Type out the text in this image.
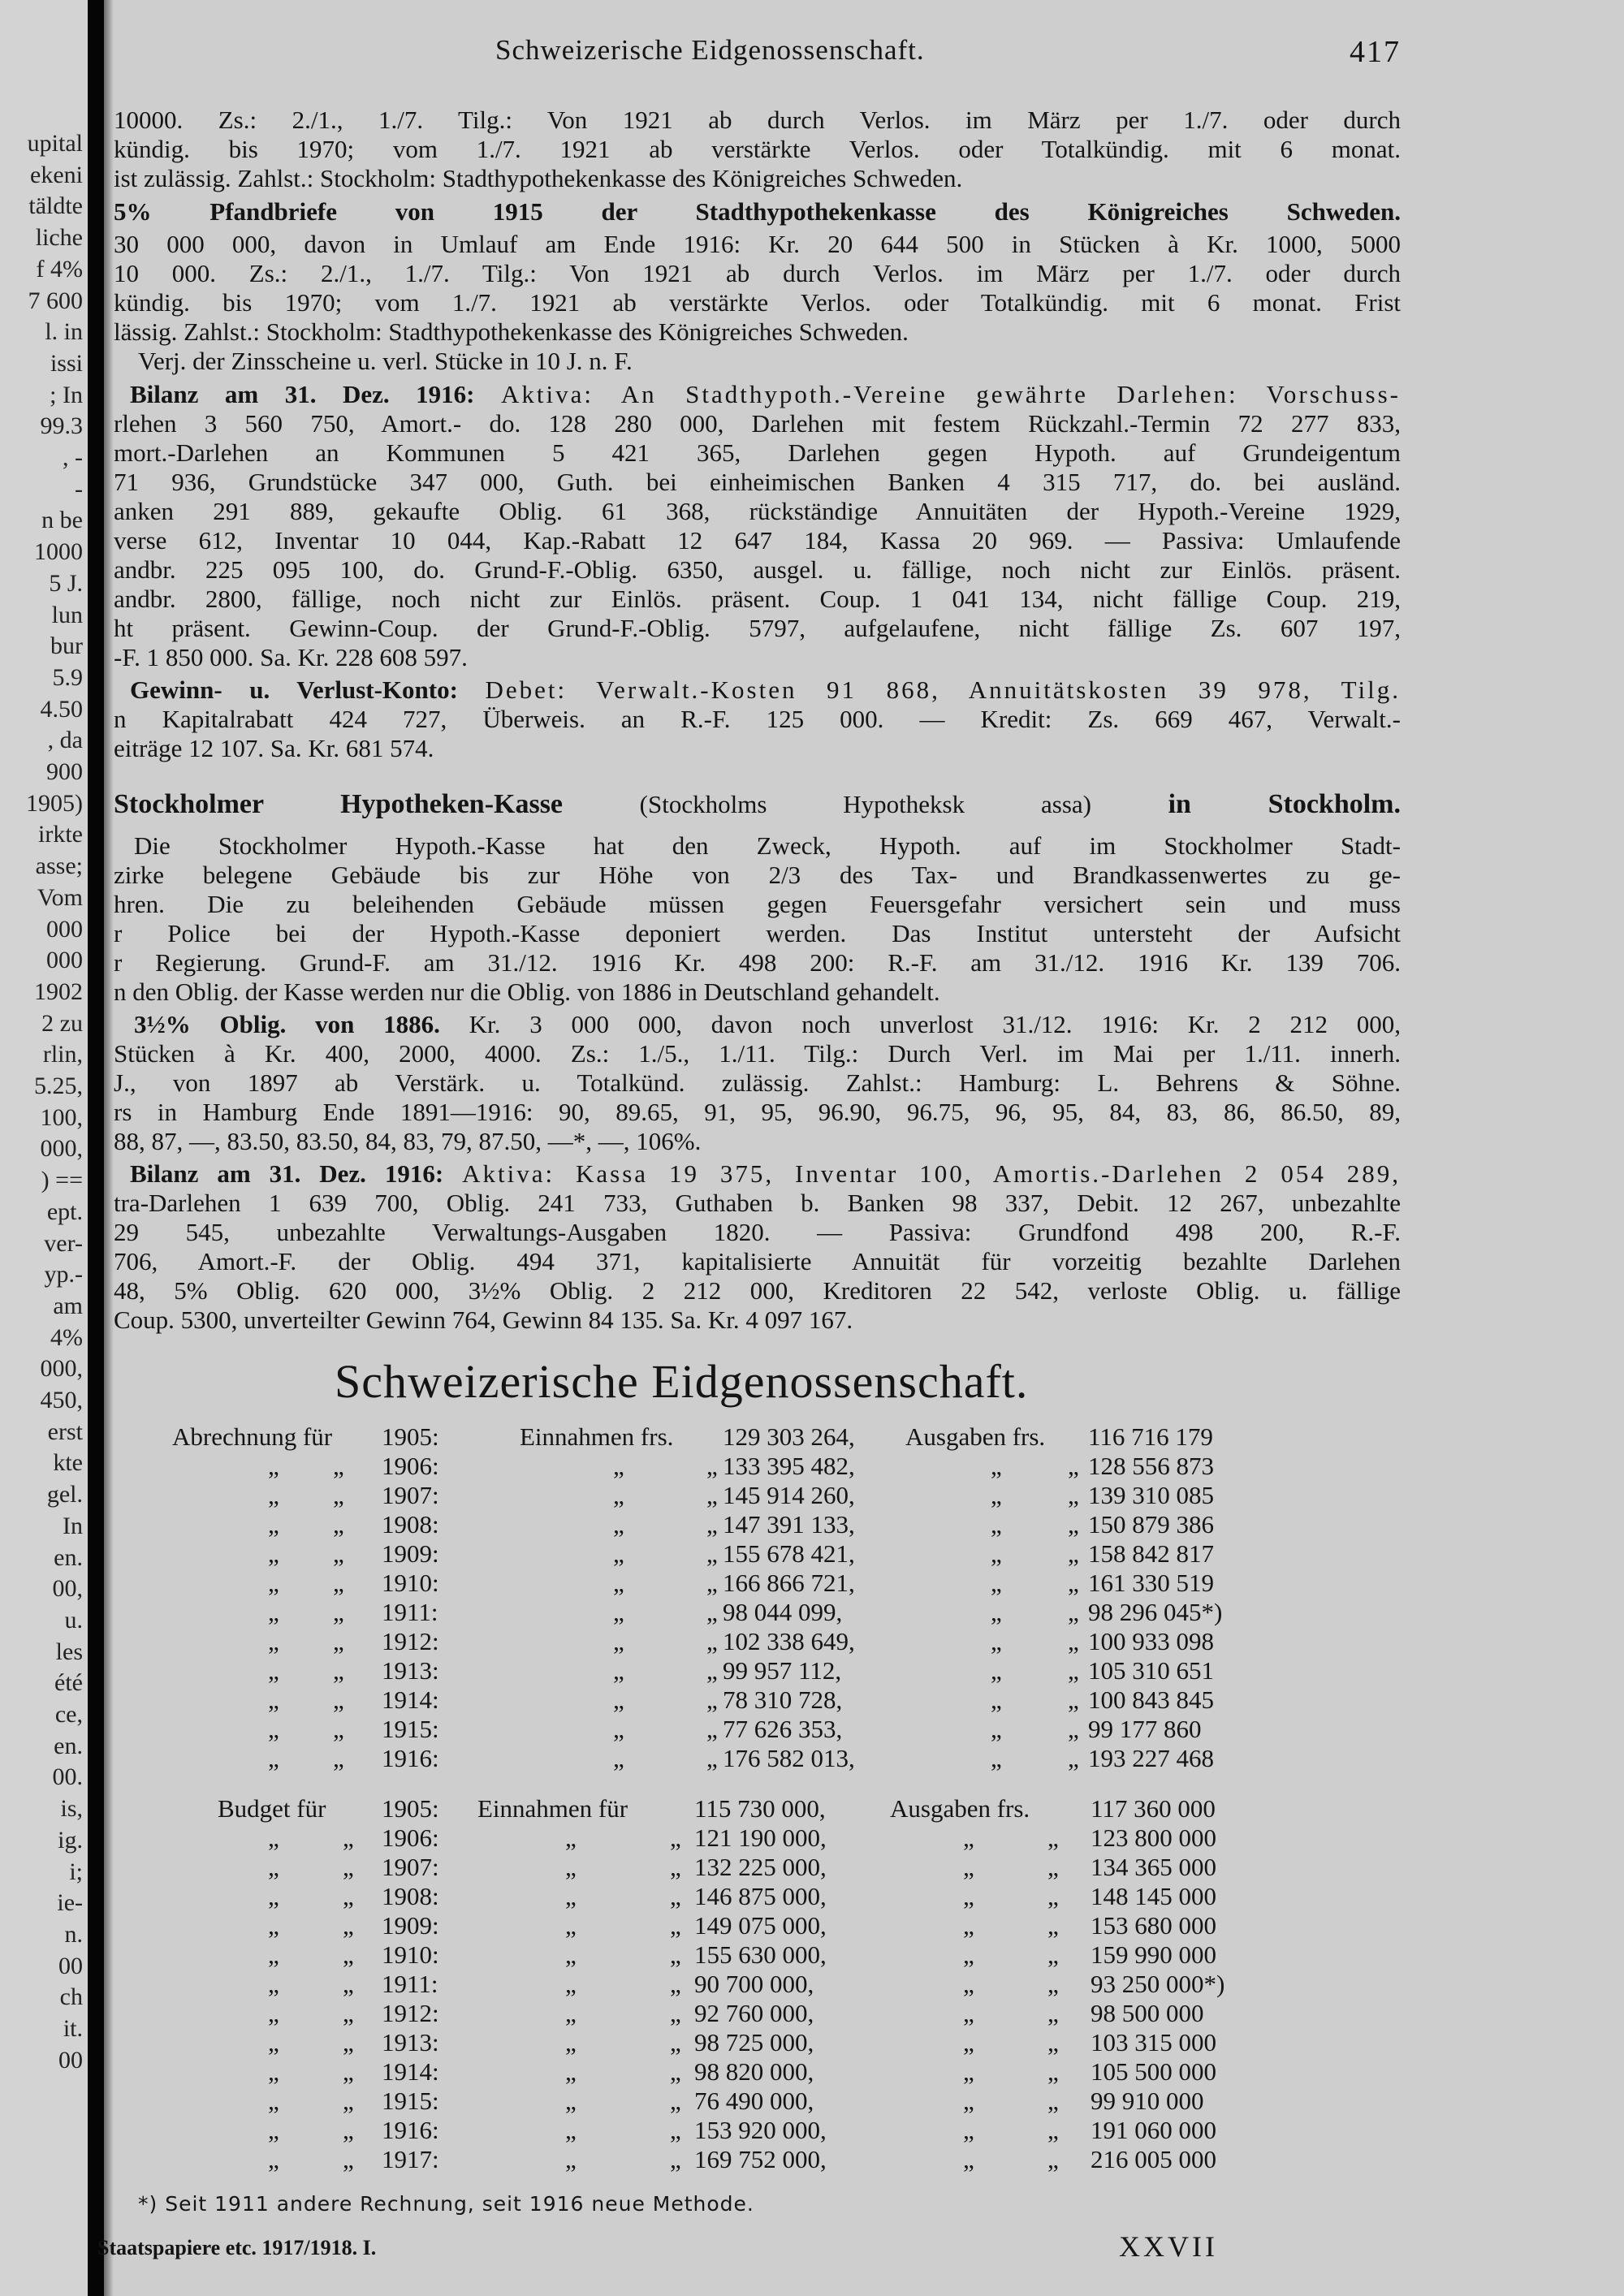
upital
ekeni
täldte
liche
f 4%
7 600
l. in
issi
; In
99.3
, -
-
n be
1000
5 J.
lun
bur
5.9
4.50
, da
900
1905)
irkte
asse;
Vom
000
000
1902
2 zu
rlin,
5.25,
100,
000,
) ==
ept.
ver-
yp.-
am
4%
000,
450,
erst
kte
gel.
In
en.
00,
u.
les
été
ce,
en.
00.
is,
ig.
i;
ie-
n.
00
ch
it.
00
Schweizerische Eidgenossenschaft.	417
10000. Zs.: 2./1., 1./7. Tilg.: Von 1921 ab durch Verlos. im März per 1./7. oder durch
kündig. bis 1970; vom 1./7. 1921 ab verstärkte Verlos. oder Totalkündig. mit 6 monat.
ist zulässig. Zahlst.: Stockholm: Stadthypothekenkasse des Königreiches Schweden.
5% Pfandbriefe von 1915 der Stadthypothekenkasse des Königreiches Schweden.
30 000 000, davon in Umlauf am Ende 1916: Kr. 20 644 500 in Stücken à Kr. 1000, 5000
10 000. Zs.: 2./1., 1./7. Tilg.: Von 1921 ab durch Verlos. im März per 1./7. oder durch
kündig. bis 1970; vom 1./7. 1921 ab verstärkte Verlos. oder Totalkündig. mit 6 monat. Frist
lässig. Zahlst.: Stockholm: Stadthypothekenkasse des Königreiches Schweden.
Verj. der Zinsscheine u. verl. Stücke in 10 J. n. F.
Bilanz am 31. Dez. 1916: Aktiva: An Stadthypoth.-Vereine gewährte Darlehen: Vorschuss-
rlehen 3 560 750, Amort.- do. 128 280 000, Darlehen mit festem Rückzahl.-Termin 72 277 833,
mort.-Darlehen an Kommunen 5 421 365, Darlehen gegen Hypoth. auf Grundeigentum
71 936, Grundstücke 347 000, Guth. bei einheimischen Banken 4 315 717, do. bei ausländ.
anken 291 889, gekaufte Oblig. 61 368, rückständige Annuitäten der Hypoth.-Vereine 1929,
verse 612, Inventar 10 044, Kap.-Rabatt 12 647 184, Kassa 20 969. — Passiva: Umlaufende
andbr. 225 095 100, do. Grund-F.-Oblig. 6350, ausgel. u. fällige, noch nicht zur Einlös. präsent.
andbr. 2800, fällige, noch nicht zur Einlös. präsent. Coup. 1 041 134, nicht fällige Coup. 219,
ht präsent. Gewinn-Coup. der Grund-F.-Oblig. 5797, aufgelaufene, nicht fällige Zs. 607 197,
-F. 1 850 000. Sa. Kr. 228 608 597.
Gewinn- u. Verlust-Konto: Debet: Verwalt.-Kosten 91 868, Annuitätskosten 39 978, Tilg.
n Kapitalrabatt 424 727, Überweis. an R.-F. 125 000. — Kredit: Zs. 669 467, Verwalt.-
eiträge 12 107. Sa. Kr. 681 574.
Stockholmer Hypotheken-Kasse	(Stockholms Hypotheksk assa)	in Stockholm.
Die Stockholmer Hypoth.-Kasse hat den Zweck, Hypoth. auf im Stockholmer Stadt-
zirke belegene Gebäude bis zur Höhe von 2/3 des Tax- und Brandkassenwertes zu ge-
hren. Die zu beleihenden Gebäude müssen gegen Feuersgefahr versichert sein und muss
r Police bei der Hypoth.-Kasse deponiert werden. Das Institut untersteht der Aufsicht
r Regierung. Grund-F. am 31./12. 1916 Kr. 498 200: R.-F. am 31./12. 1916 Kr. 139 706.
n den Oblig. der Kasse werden nur die Oblig. von 1886 in Deutschland gehandelt.
3½% Oblig. von 1886. Kr. 3 000 000, davon noch unverlost 31./12. 1916: Kr. 2 212 000,
Stücken à Kr. 400, 2000, 4000. Zs.: 1./5., 1./11. Tilg.: Durch Verl. im Mai per 1./11. innerh.
J., von 1897 ab Verstärk. u. Totalkünd. zulässig. Zahlst.: Hamburg: L. Behrens & Söhne.
rs in Hamburg Ende 1891—1916: 90, 89.65, 91, 95, 96.90, 96.75, 96, 95, 84, 83, 86, 86.50, 89,
88, 87, —, 83.50, 83.50, 84, 83, 79, 87.50, —*, —, 106%.
Bilanz am 31. Dez. 1916: Aktiva: Kassa 19 375, Inventar 100, Amortis.-Darlehen 2 054 289,
tra-Darlehen 1 639 700, Oblig. 241 733, Guthaben b. Banken 98 337, Debit. 12 267, unbezahlte
29 545, unbezahlte Verwaltungs-Ausgaben 1820. — Passiva: Grundfond 498 200, R.-F.
706, Amort.-F. der Oblig. 494 371, kapitalisierte Annuität für vorzeitig bezahlte Darlehen
48, 5% Oblig. 620 000, 3½% Oblig. 2 212 000, Kreditoren 22 542, verloste Oblig. u. fällige
Coup. 5300, unverteilter Gewinn 764, Gewinn 84 135. Sa. Kr. 4 097 167.
Schweizerische Eidgenossenschaft.
Abrechnung für 1905:	Einnahmen frs. 129 303 264, Ausgaben frs. 116 716 179
„ „ 1906:	„	„ 133 395 482,	„	„ 128 556 873
„ „ 1907:	„	„ 145 914 260,	„	„ 139 310 085
„ „ 1908:	„	„ 147 391 133,	„	„ 150 879 386
„ „ 1909:	„	„ 155 678 421,	„	„ 158 842 817
„ „ 1910:	„	„ 166 866 721,	„	„ 161 330 519
„ „ 1911:	„	„ 98 044 099,	„	„ 98 296 045*)
„ „ 1912:	„	„ 102 338 649,	„	„ 100 933 098
„ „ 1913:	„	„ 99 957 112,	„	„ 105 310 651
„ „ 1914:	„	„ 78 310 728,	„	„ 100 843 845
„ „ 1915:	„	„ 77 626 353,	„	„ 99 177 860
„ „ 1916:	„	„ 176 582 013,	„	„ 193 227 468
Budget für 1905: Einnahmen für	115 730 000,	Ausgaben frs. 117 360 000
„	„ 1906:	„	„ 121 190 000,	„	„ 123 800 000
„	„ 1907:	„	„ 132 225 000,	„	„ 134 365 000
„	„ 1908:	„	„ 146 875 000,	„	„ 148 145 000
„	„ 1909:	„	„ 149 075 000,	„	„ 153 680 000
„	„ 1910:	„	„ 155 630 000,	„	„ 159 990 000
„	„ 1911:	„	„ 90 700 000,	„	„ 93 250 000*)
„	„ 1912:	„	„ 92 760 000,	„	„ 98 500 000
„	„ 1913:	„	„ 98 725 000,	„	„ 103 315 000
„	„ 1914:	„	„ 98 820 000,	„	„ 105 500 000
„	„ 1915:	„	„ 76 490 000,	„	„ 99 910 000
„	„ 1916:	„	„ 153 920 000,	„	„ 191 060 000
„	„ 1917:	„	„ 169 752 000,	„	„ 216 005 000
*) Seit 1911 andere Rechnung, seit 1916 neue Methode.
Staatspapiere etc. 1917/1918. I.	XXVII
